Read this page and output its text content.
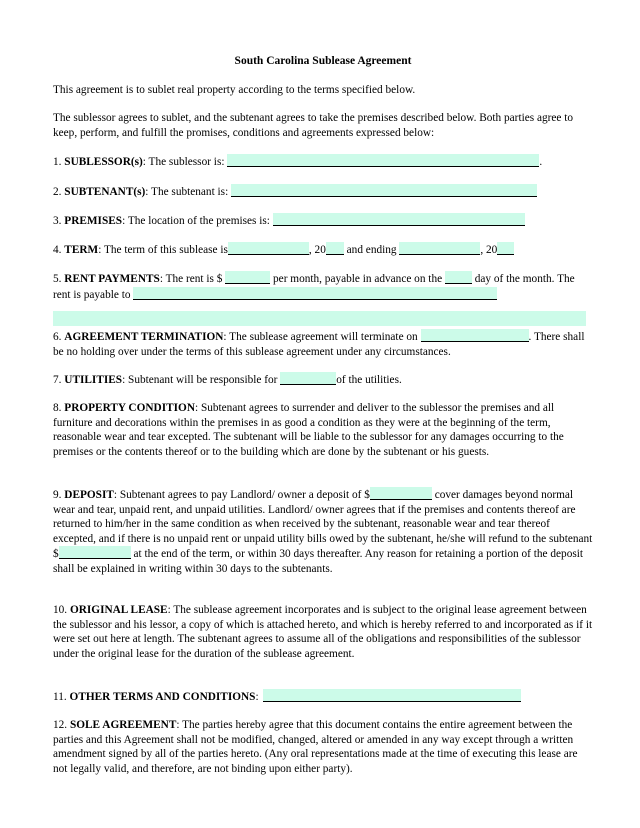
South Carolina Sublease Agreement
This agreement is to sublet real property according to the terms specified below.
The sublessor agrees to sublet, and the subtenant agrees to take the premises described below. Both parties agree to keep, perform, and fulfill the promises, conditions and agreements expressed below:
1. SUBLESSOR(s): The sublessor is:	.
2. SUBTENANT(s): The subtenant is:
3. PREMISES: The location of the premises is:
4. TERM: The term of this sublease is	, 20 and ending	, 20
5. RENT PAYMENTS: The rent is $	per month, payable in advance on the  day of the month. The rent is payable to
6. AGREEMENT TERMINATION: The sublease agreement will terminate on	. There shall be no holding over under the terms of this sublease agreement under any circumstances.
7. UTILITIES: Subtenant will be responsible for	of the utilities.
8. PROPERTY CONDITION: Subtenant agrees to surrender and deliver to the sublessor the premises and all furniture and decorations within the premises in as good a condition as they were at the beginning of the term, reasonable wear and tear excepted. The subtenant will be liable to the sublessor for any damages occurring to the premises or the contents thereof or to the building which are done by the subtenant or his guests.
9. DEPOSIT: Subtenant agrees to pay Landlord/ owner a deposit of $	cover damages beyond normal wear and tear, unpaid rent, and unpaid utilities. Landlord/ owner agrees that if the premises and contents thereof are returned to him/her in the same condition as when received by the subtenant, reasonable wear and tear thereof excepted, and if there is no unpaid rent or unpaid utility bills owed by the subtenant, he/she will refund to the subtenant $	at the end of the term, or within 30 days thereafter. Any reason for retaining a portion of the deposit shall be explained in writing within 30 days to the subtenants.
10. ORIGINAL LEASE: The sublease agreement incorporates and is subject to the original lease agreement between the sublessor and his lessor, a copy of which is attached hereto, and which is hereby referred to and incorporated as if it were set out here at length. The subtenant agrees to assume all of the obligations and responsibilities of the sublessor under the original lease for the duration of the sublease agreement.
11. OTHER TERMS AND CONDITIONS:
12. SOLE AGREEMENT: The parties hereby agree that this document contains the entire agreement between the parties and this Agreement shall not be modified, changed, altered or amended in any way except through a written amendment signed by all of the parties hereto. (Any oral representations made at the time of executing this lease are not legally valid, and therefore, are not binding upon either party).
